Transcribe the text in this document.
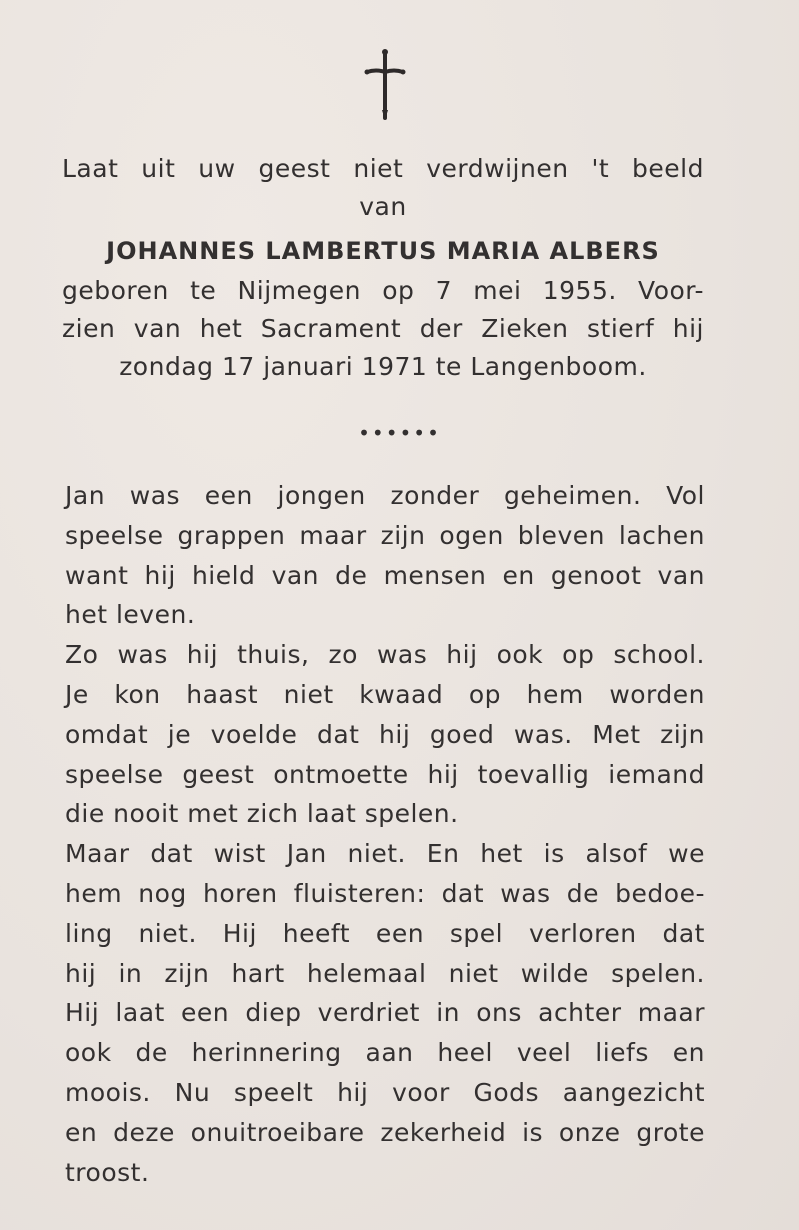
Laat uit uw geest niet verdwijnen 't beeld
van
JOHANNES LAMBERTUS MARIA ALBERS
geboren te Nijmegen op 7 mei 1955. Voor-
zien van het Sacrament der Zieken stierf hij
zondag 17 januari 1971 te Langenboom.
••••••
Jan was een jongen zonder geheimen. Vol
speelse grappen maar zijn ogen bleven lachen
want hij hield van de mensen en genoot van
het leven.
Zo was hij thuis, zo was hij ook op school.
Je kon haast niet kwaad op hem worden
omdat je voelde dat hij goed was. Met zijn
speelse geest ontmoette hij toevallig iemand
die nooit met zich laat spelen.
Maar dat wist Jan niet. En het is alsof we
hem nog horen fluisteren: dat was de bedoe-
ling niet. Hij heeft een spel verloren dat
hij in zijn hart helemaal niet wilde spelen.
Hij laat een diep verdriet in ons achter maar
ook de herinnering aan heel veel liefs en
moois. Nu speelt hij voor Gods aangezicht
en deze onuitroeibare zekerheid is onze grote
troost.
